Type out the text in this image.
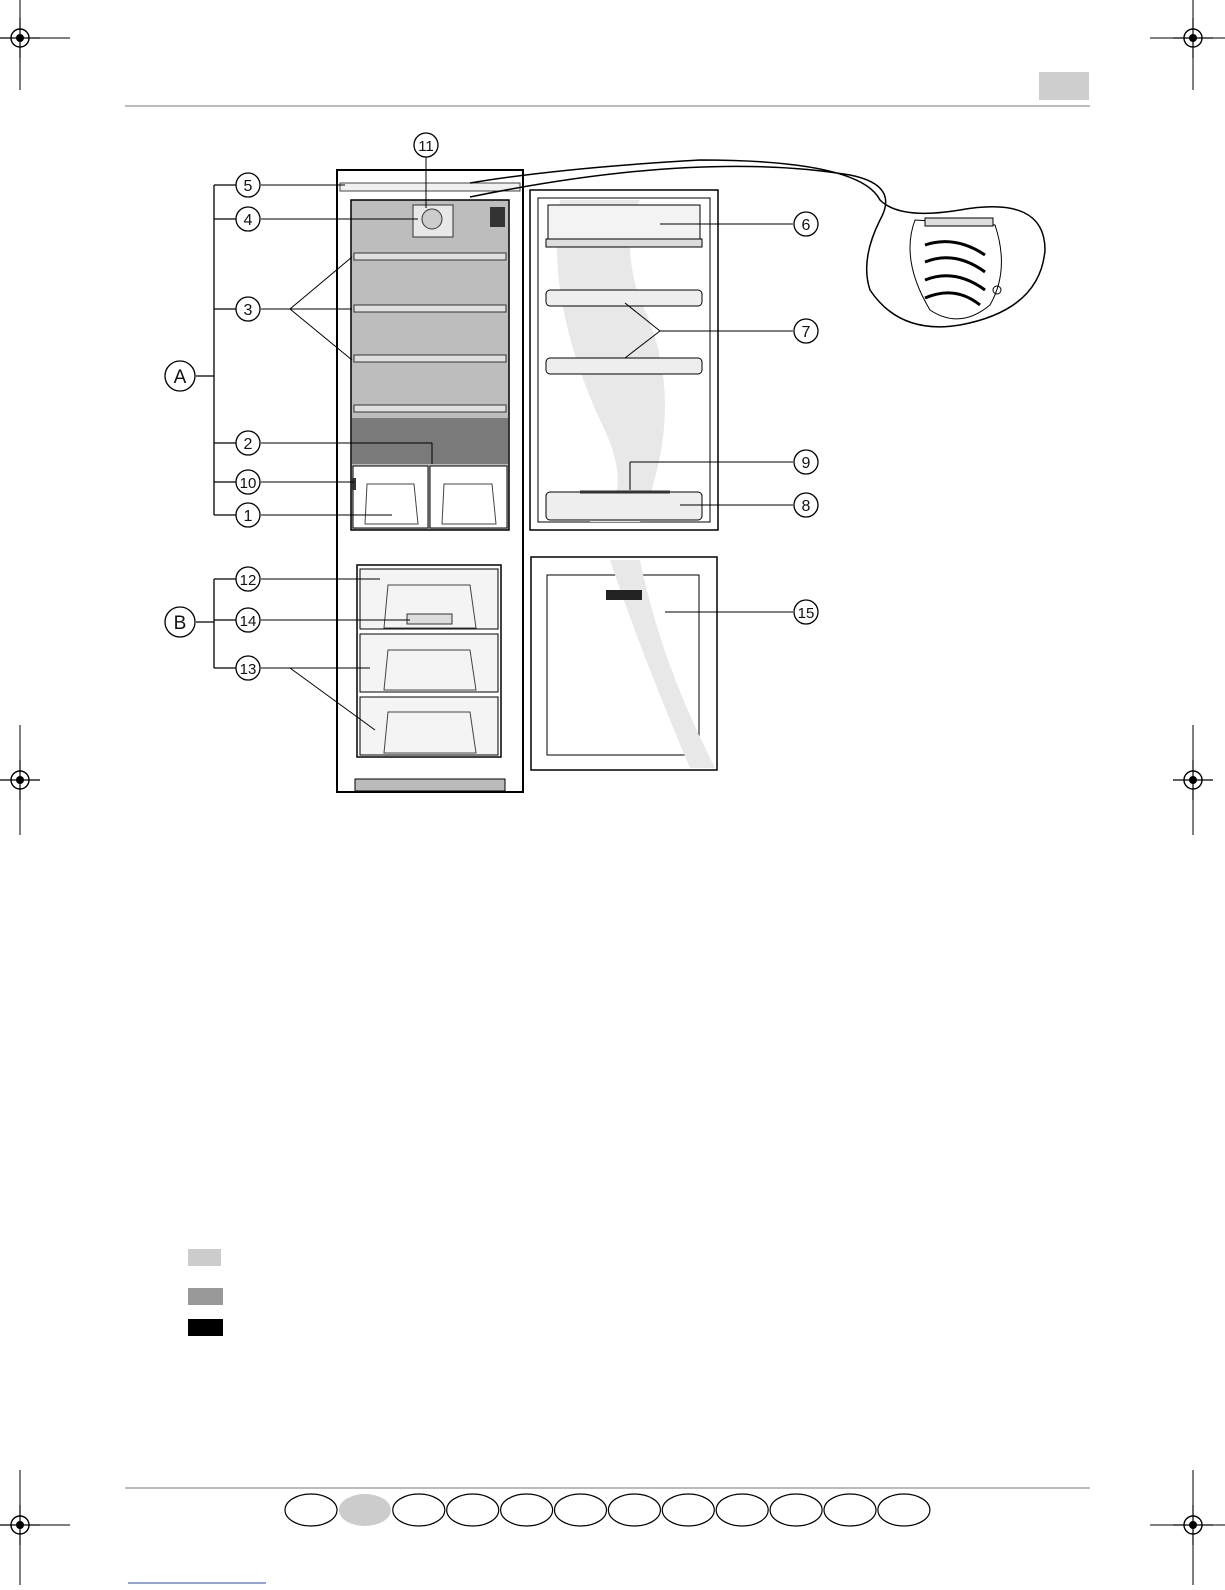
11
5
4
3
2
10
1
12
14
13
6
7
9
8
15
A
B
